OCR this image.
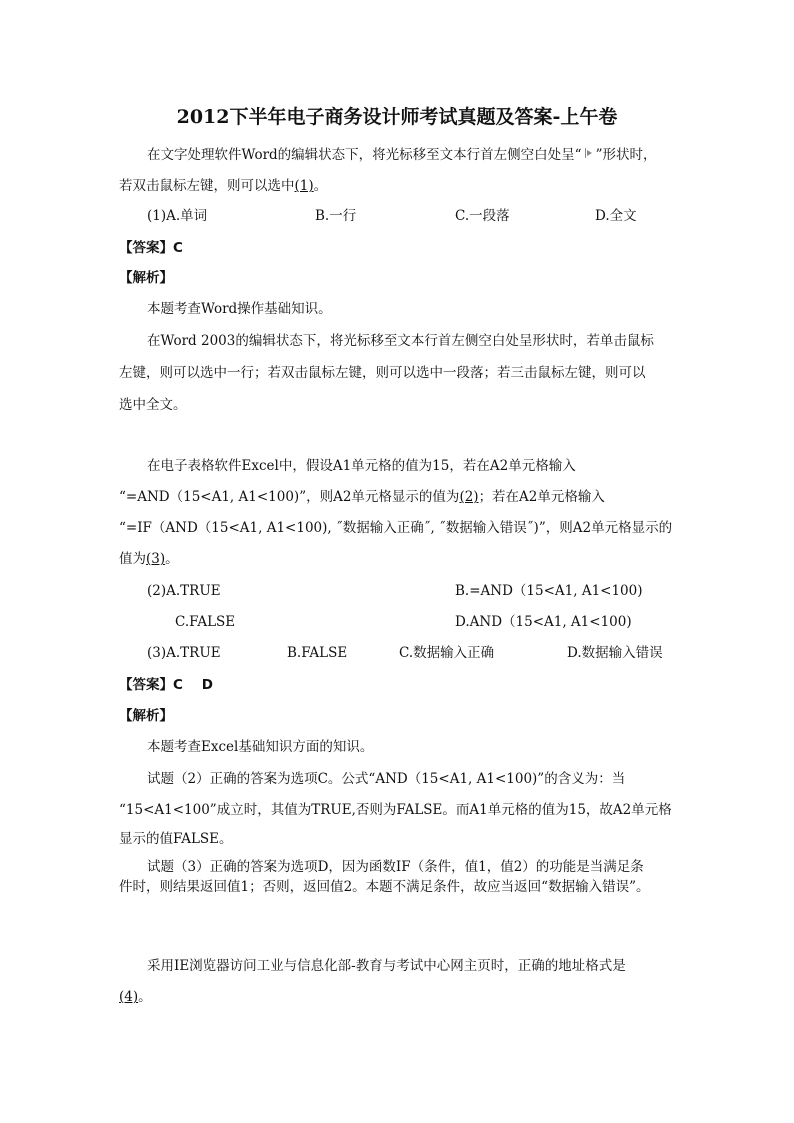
2012下半年电子商务设计师考试真题及答案-上午卷
在文字处理软件Word的编辑状态下，将光标移至文本行首左侧空白处呈“ ”形状时，
若双击鼠标左键，则可以选中(1)。
(1)A.单词	B.一行	C.一段落	D.全文
【答案】C
【解析】
本题考查Word操作基础知识。
在Word 2003的编辑状态下，将光标移至文本行首左侧空白处呈形状时，若单击鼠标
左键，则可以选中一行；若双击鼠标左键，则可以选中一段落；若三击鼠标左键，则可以
选中全文。
在电子表格软件Excel中，假设A1单元格的值为15，若在A2单元格输入
“=AND（15<A1, A1<100)”，则A2单元格显示的值为(2)；若在A2单元格输入
“=IF（AND（15<A1, A1<100), ˝数据输入正确˝, ˝数据输入错误˝)”，则A2单元格显示的
值为(3)。
(2)A.TRUE	B.=AND（15<A1, A1<100)
C.FALSE	D.AND（15<A1, A1<100)
(3)A.TRUE	B.FALSE	C.数据输入正确	D.数据输入错误
【答案】C    D
【解析】
本题考查Excel基础知识方面的知识。
试题（2）正确的答案为选项C。公式“AND（15<A1, A1<100)”的含义为：当
“15<A1<100”成立时，其值为TRUE,否则为FALSE。而A1单元格的值为15，故A2单元格
显示的值FALSE。
试题（3）正确的答案为选项D，因为函数IF（条件，值1，值2）的功能是当满足条
件时，则结果返回值1；否则，返回值2。本题不满足条件，故应当返回“数据输入错误”。
采用IE浏览器访问工业与信息化部-教育与考试中心网主页时，正确的地址格式是
(4)。
